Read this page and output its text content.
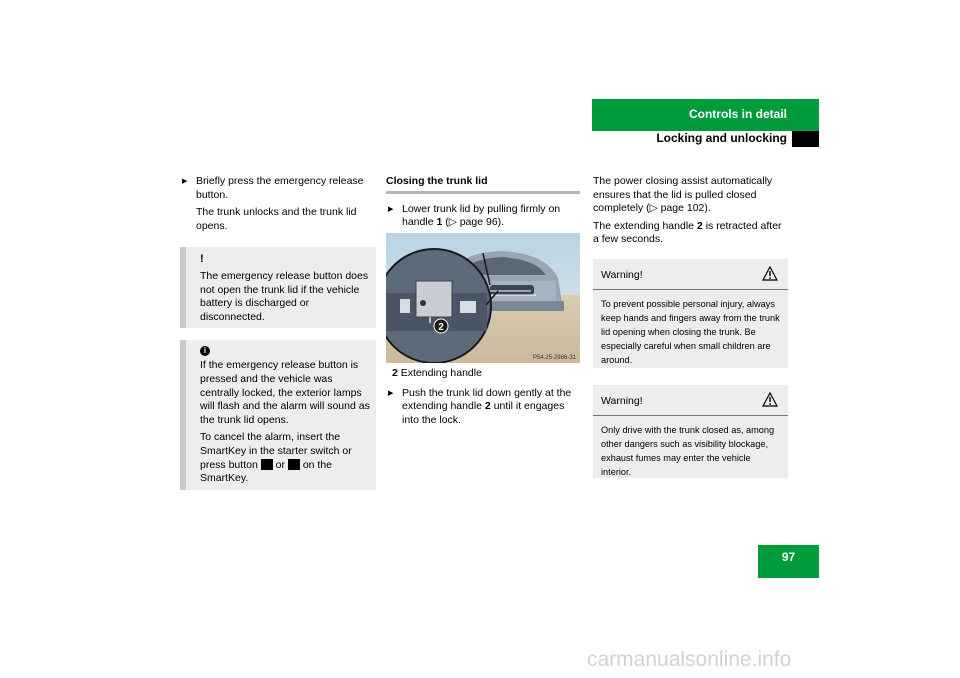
Controls in detail
Locking and unlocking
▶ Briefly press the emergency release button.
The trunk unlocks and the trunk lid opens.
!
The emergency release button does not open the trunk lid if the vehicle battery is discharged or disconnected.
i
If the emergency release button is pressed and the vehicle was centrally locked, the exterior lamps will flash and the alarm will sound as the trunk lid opens.
To cancel the alarm, insert the SmartKey in the starter switch or press button or on the SmartKey.
Closing the trunk lid
▶ Lower trunk lid by pulling firmly on handle 1 (▷ page 96).
2
P54.25-2986-31
2 Extending handle
▶ Push the trunk lid down gently at the extending handle 2 until it engages into the lock.
The power closing assist automatically ensures that the lid is pulled closed completely (▷ page 102).
The extending handle 2 is retracted after a few seconds.
Warning!
To prevent possible personal injury, always keep hands and fingers away from the trunk lid opening when closing the trunk. Be especially careful when small children are around.
Warning!
Only drive with the trunk closed as, among other dangers such as visibility blockage, exhaust fumes may enter the vehicle interior.
97
carmanualsonline.info
